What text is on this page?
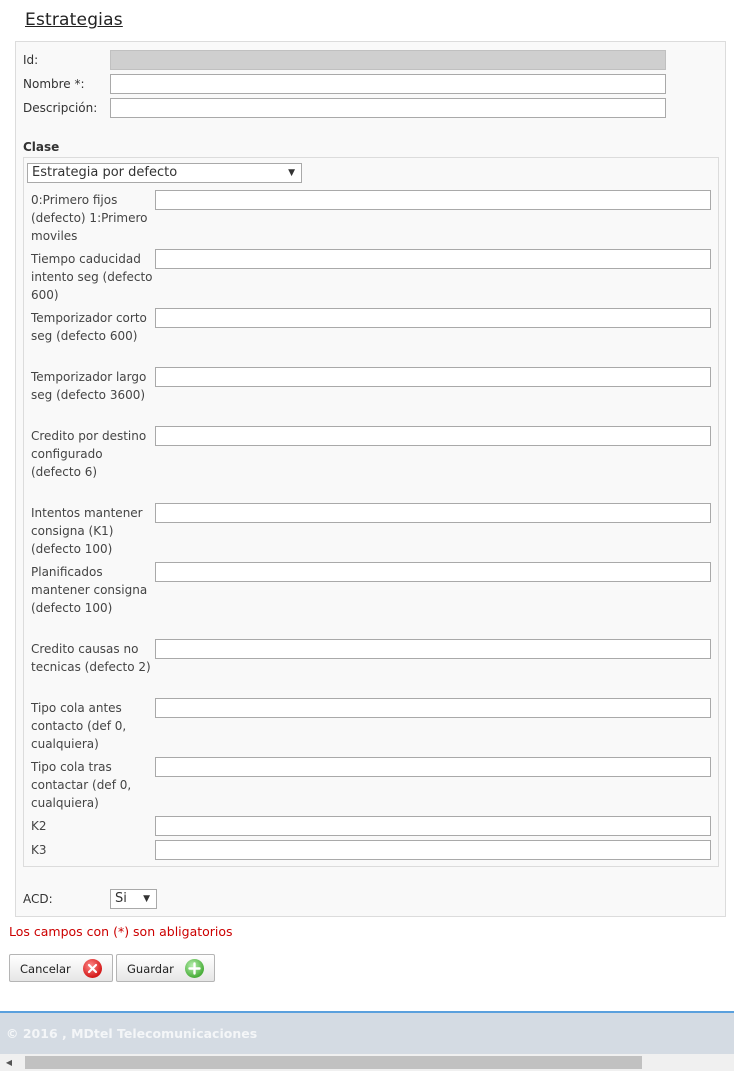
Estrategias
Id:
Nombre *:
Descripción:
Clase
Estrategia por defecto	▼
0:Primero fijos (defecto) 1:Primero moviles
Tiempo caducidad intento seg (defecto 600)
Temporizador corto seg (defecto 600)
Temporizador largo seg (defecto 3600)
Credito por destino configurado (defecto 6)
Intentos mantener consigna (K1) (defecto 100)
Planificados mantener consigna (defecto 100)
Credito causas no tecnicas (defecto 2)
Tipo cola antes contacto (def 0, cualquiera)
Tipo cola tras contactar (def 0, cualquiera)
K2
K3
ACD:	Si ▼
Los campos con (*) son abligatorios
Cancelar	Guardar
© 2016 , MDtel Telecomunicaciones
◀
